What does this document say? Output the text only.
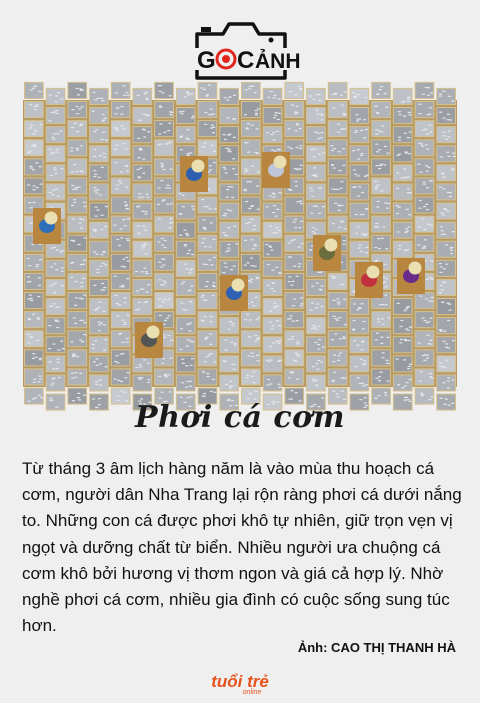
G C ẢNH
Phơi cá cơm
Từ tháng 3 âm lịch hàng năm là vào mùa thu hoạch cá cơm, người dân Nha Trang lại rộn ràng phơi cá dưới nắng to. Những con cá được phơi khô tự nhiên, giữ trọn vẹn vị ngọt và dưỡng chất từ biển. Nhiều người ưa chuộng cá cơm khô bởi hương vị thơm ngon và giá cả hợp lý. Nhờ nghề phơi cá cơm, nhiều gia đình có cuộc sống sung túc hơn.
Ảnh: CAO THỊ THANH HÀ
tuổi trẻ
online
